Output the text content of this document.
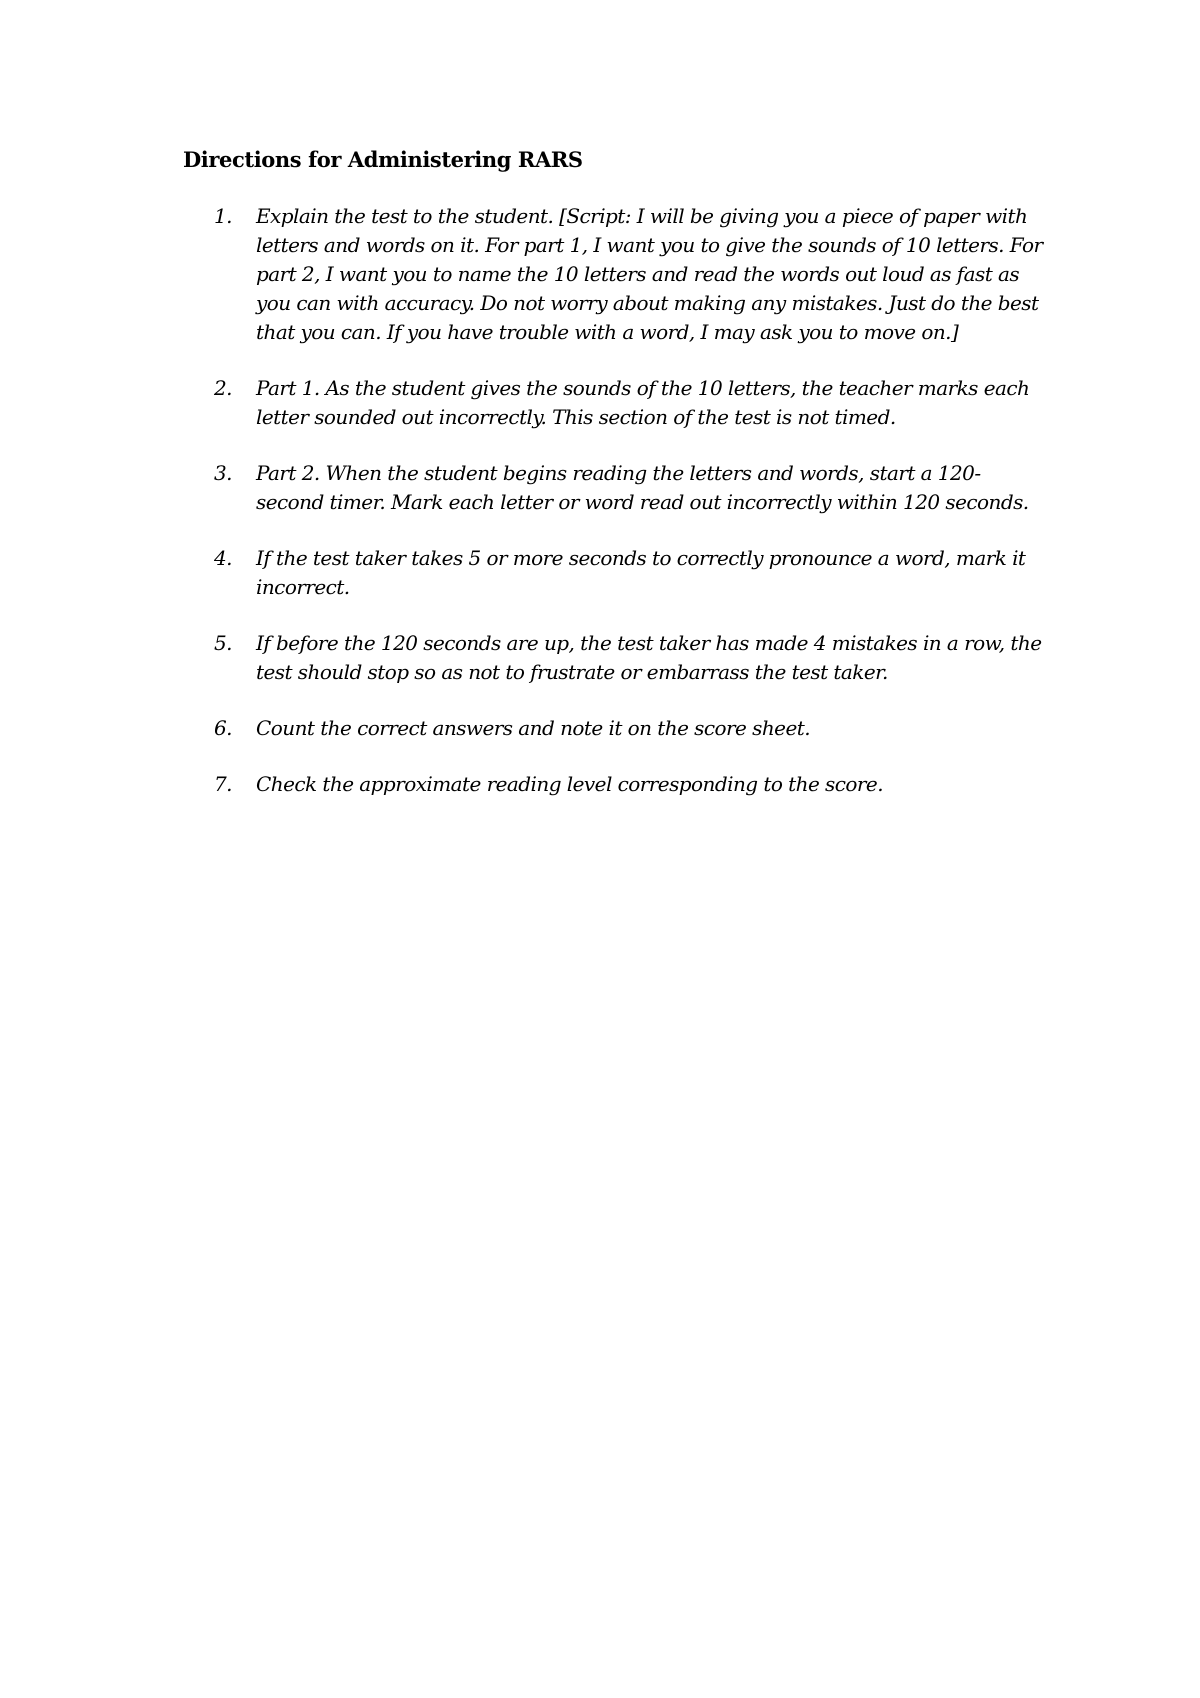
Directions for Administering RARS
1. Explain the test to the student. [Script: I will be giving you a piece of paper with letters and words on it. For part 1, I want you to give the sounds of 10 letters. For part 2, I want you to name the 10 letters and read the words out loud as fast as you can with accuracy. Do not worry about making any mistakes. Just do the best that you can. If you have trouble with a word, I may ask you to move on.]
2. Part 1. As the student gives the sounds of the 10 letters, the teacher marks each letter sounded out incorrectly. This section of the test is not timed.
3. Part 2. When the student begins reading the letters and words, start a 120-second timer. Mark each letter or word read out incorrectly within 120 seconds.
4. If the test taker takes 5 or more seconds to correctly pronounce a word, mark it incorrect.
5. If before the 120 seconds are up, the test taker has made 4 mistakes in a row, the test should stop so as not to frustrate or embarrass the test taker.
6. Count the correct answers and note it on the score sheet.
7. Check the approximate reading level corresponding to the score.
